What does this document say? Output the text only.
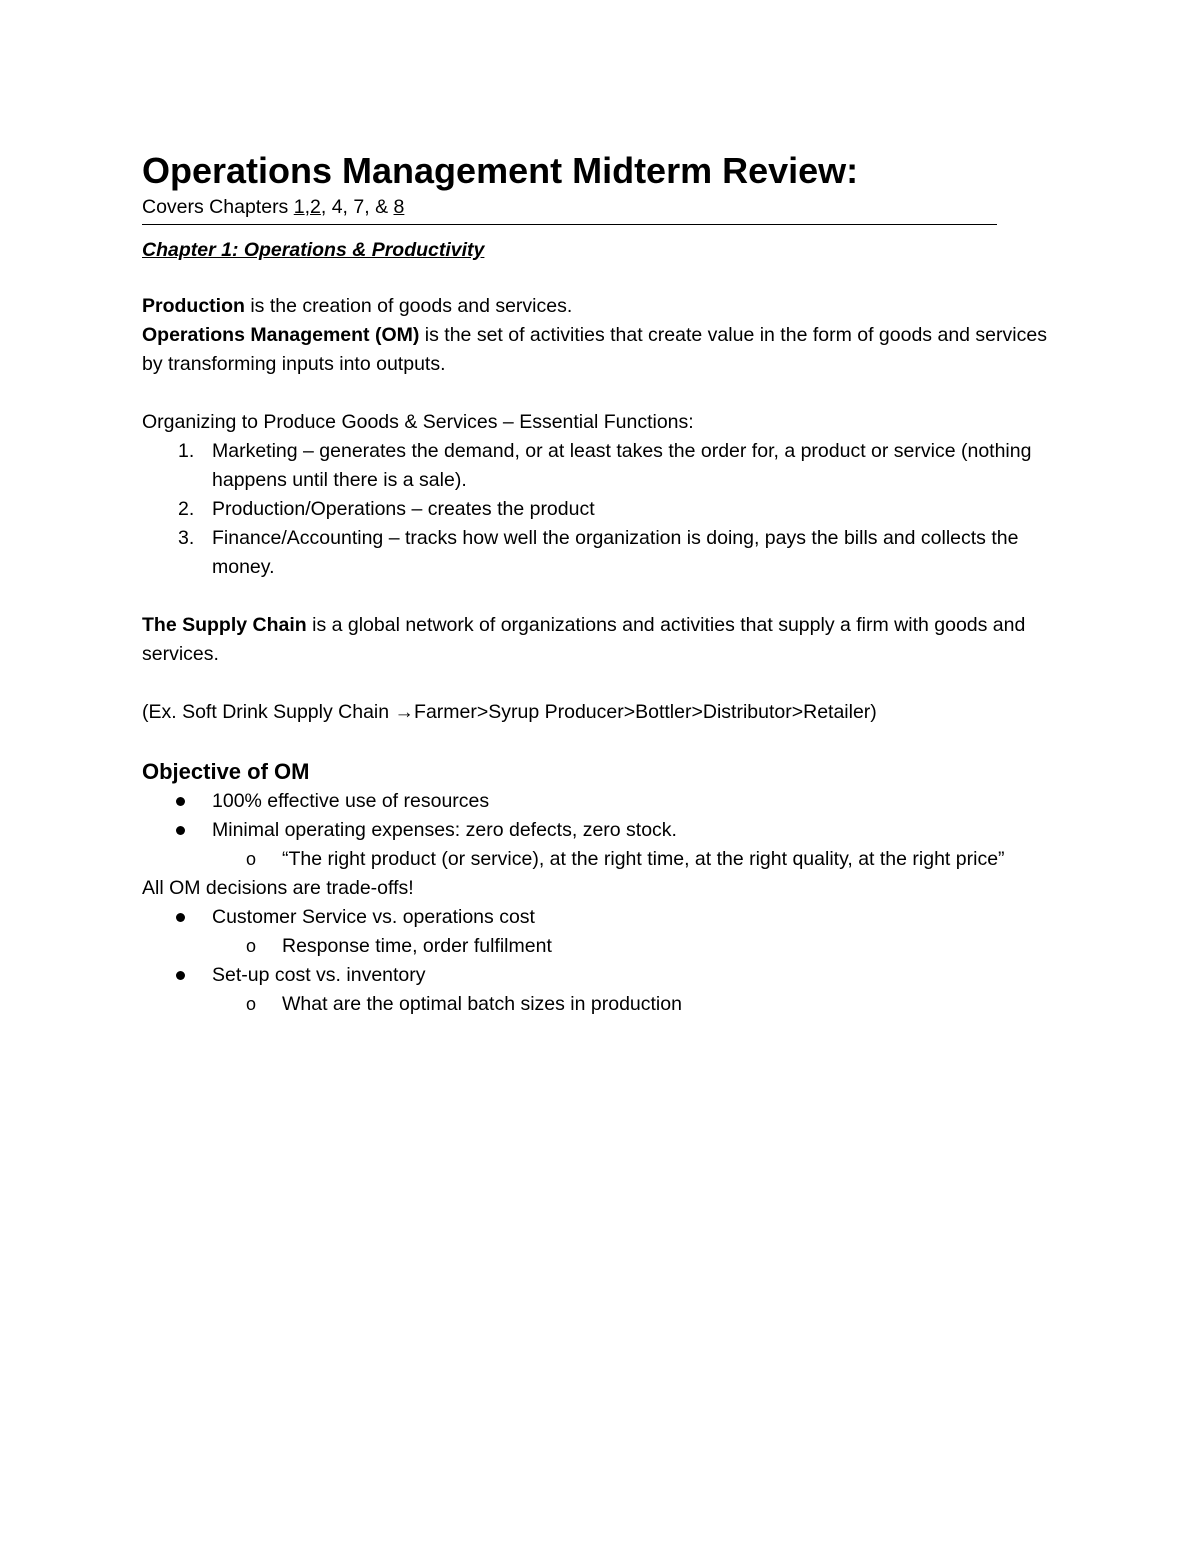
Operations Management Midterm Review:

Covers Chapters 1,2, 4, 7, & 8

Chapter 1: Operations & Productivity

Production is the creation of goods and services.

Operations Management (OM) is the set of activities that create value in the form of goods and services by transforming inputs into outputs.

Organizing to Produce Goods & Services – Essential Functions:

1. Marketing – generates the demand, or at least takes the order for, a product or service (nothing happens until there is a sale).
2. Production/Operations – creates the product
3. Finance/Accounting – tracks how well the organization is doing, pays the bills and collects the money.

The Supply Chain is a global network of organizations and activities that supply a firm with goods and services.

(Ex. Soft Drink Supply Chain →Farmer>Syrup Producer>Bottler>Distributor>Retailer)

Objective of OM

100% effective use of resources
Minimal operating expenses: zero defects, zero stock.
o	“The right product (or service), at the right time, at the right quality, at the right price”

All OM decisions are trade-offs!

Customer Service vs. operations cost
o	Response time, order fulfilment
Set-up cost vs. inventory
o	What are the optimal batch sizes in production
